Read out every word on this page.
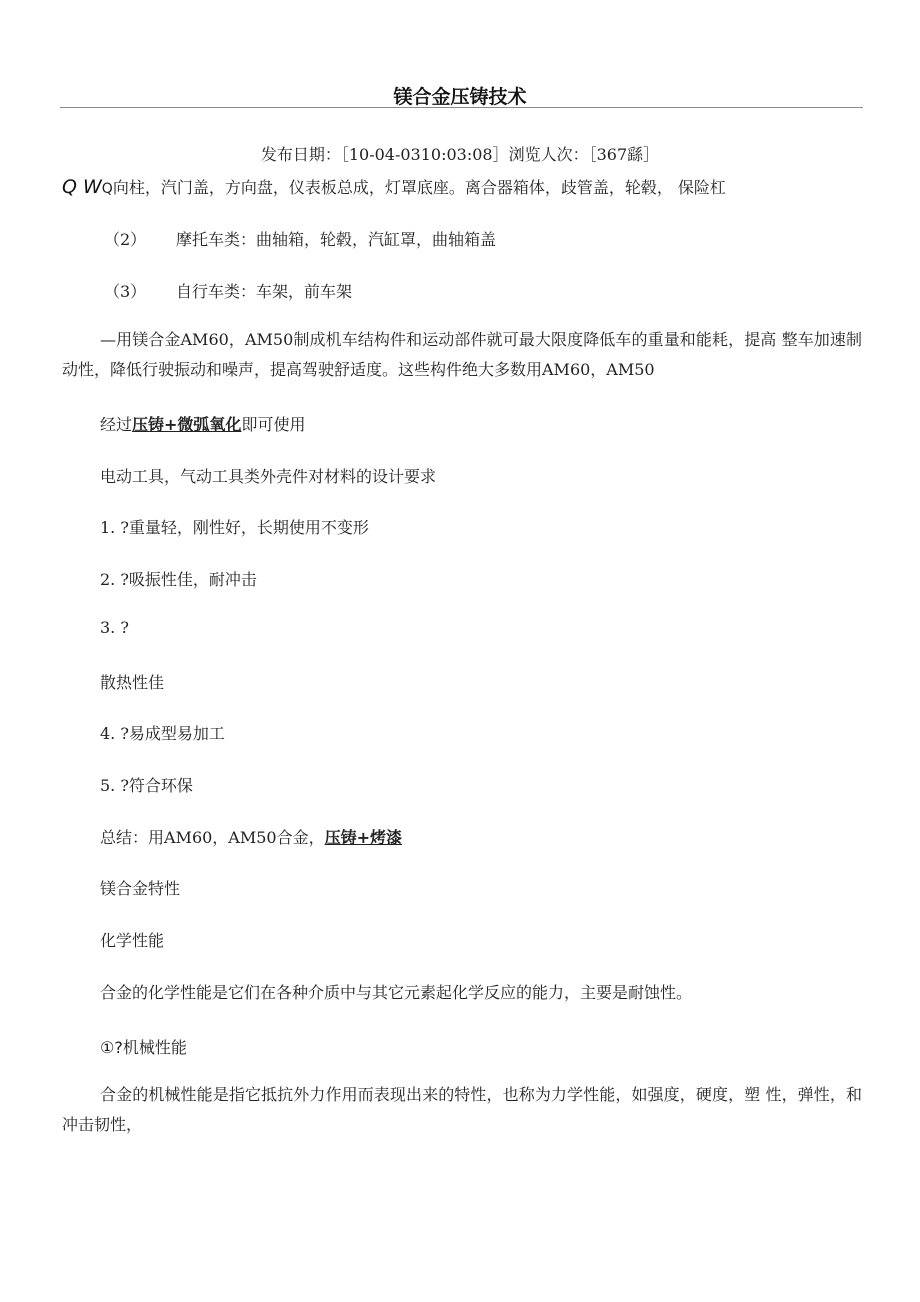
镁合金压铸技术
发布日期：［10-04-0310:03:08］浏览人次：［367繇］
Q WQ向柱，汽门盖，方向盘，仪表板总成，灯罩底座。离合器箱体，歧管盖，轮毂， 保险杠
（2） 摩托车类：曲轴箱，轮毂，汽缸罩，曲轴箱盖
（3） 自行车类：车架，前车架
—用镁合金AM60，AM50制成机车结构件和运动部件就可最大限度降低车的重量和能耗，提高 整车加速制动性，降低行驶振动和噪声，提高驾驶舒适度。这些构件绝大多数用AM60，AM50
经过压铸+微弧氧化即可使用
电动工具，气动工具类外壳件对材料的设计要求
1. ?重量轻，刚性好，长期使用不变形
2. ?吸振性佳，耐冲击
3. ?
散热性佳
4. ?易成型易加工
5. ?符合环保
总结：用AM60，AM50合金，压铸+烤漆
镁合金特性
化学性能
合金的化学性能是它们在各种介质中与其它元素起化学反应的能力，主要是耐蚀性。
①?机械性能
合金的机械性能是指它抵抗外力作用而表现出来的特性，也称为力学性能，如强度，硬度，塑 性，弹性，和冲击韧性，
